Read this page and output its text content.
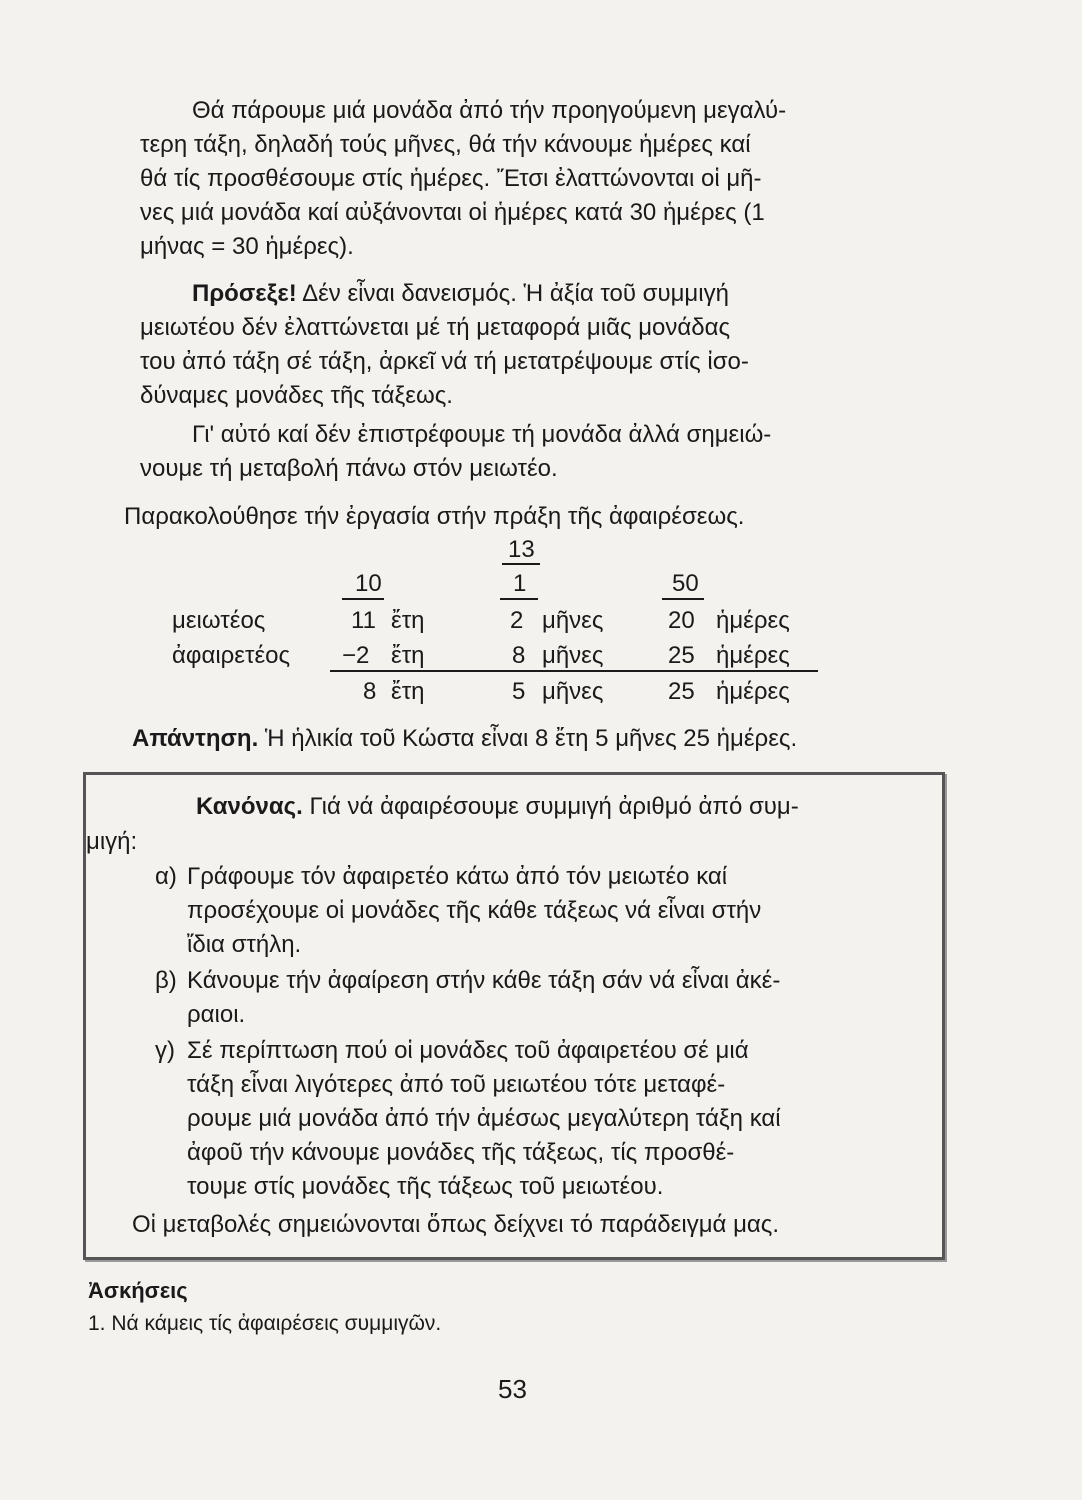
Θά πάρουμε μιά μονάδα ἀπό τήν προηγούμενη μεγαλύ-
τερη τάξη, δηλαδή τούς μῆνες, θά τήν κάνουμε ἡμέρες καί
θά τίς προσθέσουμε στίς ἡμέρες. Ἔτσι ἐλαττώνονται οἱ μῆ-
νες μιά μονάδα καί αὐξάνονται οἱ ἡμέρες κατά 30 ἡμέρες (1
μήνας = 30 ἡμέρες).
Πρόσεξε! Δέν εἶναι δανεισμός. Ἡ ἀξία τοῦ συμμιγή
μειωτέου δέν ἐλαττώνεται μέ τή μεταφορά μιᾶς μονάδας
του ἀπό τάξη σέ τάξη, ἀρκεῖ νά τή μετατρέψουμε στίς ἰσο-
δύναμες μονάδες τῆς τάξεως.
Γι' αὐτό καί δέν ἐπιστρέφουμε τή μονάδα ἀλλά σημειώ-
νουμε τή μεταβολή πάνω στόν μειωτέο.
Παρακολούθησε τήν ἐργασία στήν πράξη τῆς ἀφαιρέσεως.
13
10	1	50
μειωτέος	11 ἔτη	2 μῆνες	20 ἡμέρες
ἀφαιρετέος −2 ἔτη	8 μῆνες	25 ἡμέρες
8 ἔτη	5 μῆνες	25 ἡμέρες
Απάντηση. Ἡ ἡλικία τοῦ Κώστα εἶναι 8 ἔτη 5 μῆνες 25 ἡμέρες.
Κανόνας. Γιά νά ἀφαιρέσουμε συμμιγή ἀριθμό ἀπό συμ-
μιγή:
α) Γράφουμε τόν ἀφαιρετέο κάτω ἀπό τόν μειωτέο καί
προσέχουμε οἱ μονάδες τῆς κάθε τάξεως νά εἶναι στήν
ἴδια στήλη.
β) Κάνουμε τήν ἀφαίρεση στήν κάθε τάξη σάν νά εἶναι ἀκέ-
ραιοι.
γ) Σέ περίπτωση πού οἱ μονάδες τοῦ ἀφαιρετέου σέ μιά
τάξη εἶναι λιγότερες ἀπό τοῦ μειωτέου τότε μεταφέ-
ρουμε μιά μονάδα ἀπό τήν ἀμέσως μεγαλύτερη τάξη καί
ἀφοῦ τήν κάνουμε μονάδες τῆς τάξεως, τίς προσθέ-
τουμε στίς μονάδες τῆς τάξεως τοῦ μειωτέου.
Οἱ μεταβολές σημειώνονται ὅπως δείχνει τό παράδειγμά μας.
Ἀσκήσεις
1. Νά κάμεις τίς ἀφαιρέσεις συμμιγῶν.
53
